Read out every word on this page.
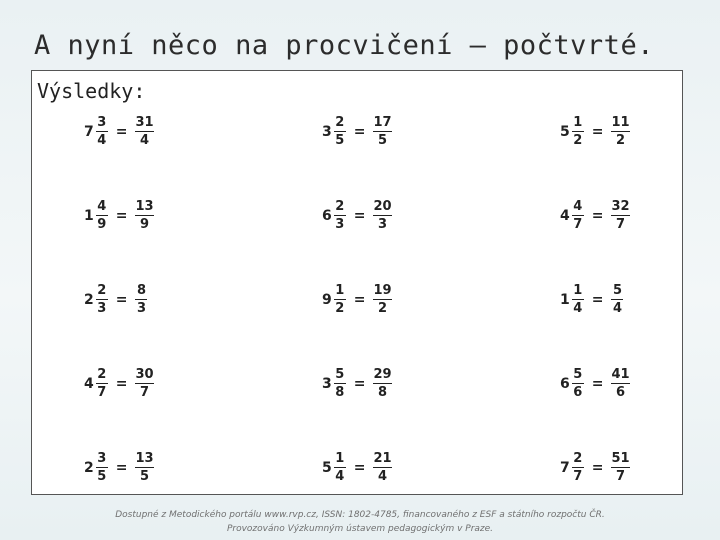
A nyní něco na procvičení – počtvrté.
Výsledky:
$7 \frac{3}{4} = \frac{31}{4}$	$3 \frac{2}{5} = \frac{17}{5}$	$5 \frac{1}{2} = \frac{11}{2}$
$1 \frac{4}{9} = \frac{13}{9}$	$6 \frac{2}{3} = \frac{20}{3}$	$4 \frac{4}{7} = \frac{32}{7}$
$2 \frac{2}{3} = \frac{8}{3}$	$9 \frac{1}{2} = \frac{19}{2}$	$1 \frac{1}{4} = \frac{5}{4}$
$4 \frac{2}{7} = \frac{30}{7}$	$3 \frac{5}{8} = \frac{29}{8}$	$6 \frac{5}{6} = \frac{41}{6}$
$2 \frac{3}{5} = \frac{13}{5}$	$5 \frac{1}{4} = \frac{21}{4}$	$7 \frac{2}{7} = \frac{51}{7}$
Dostupné z Metodického portálu www.rvp.cz, ISSN: 1802-4785, financovaného z ESF a státního rozpočtu ČR.
Provozováno Výzkumným ústavem pedagogickým v Praze.
